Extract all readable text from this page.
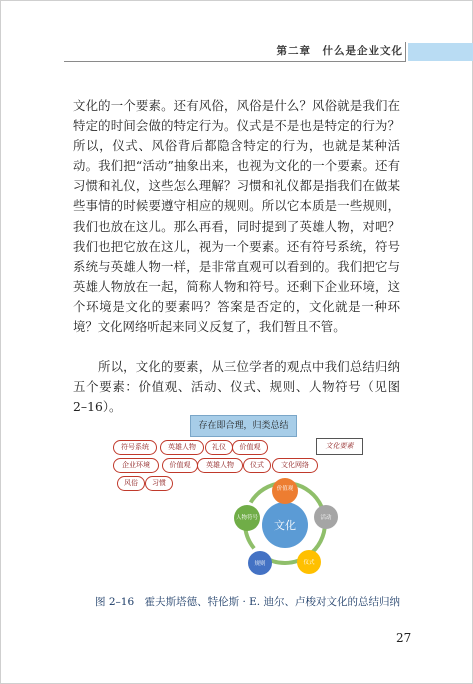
第二章　什么是企业文化

文化的一个要素。还有风俗，风俗是什么？风俗就是我们在特定的时间会做的特定行为。仪式是不是也是特定的行为？所以，仪式、风俗背后都隐含特定的行为，也就是某种活动。我们把“活动”抽象出来，也视为文化的一个要素。还有习惯和礼仪，这些怎么理解？习惯和礼仪都是指我们在做某些事情的时候要遵守相应的规则。所以它本质是一些规则，我们也放在这儿。那么再看，同时提到了英雄人物，对吧？我们也把它放在这儿，视为一个要素。还有符号系统，符号系统与英雄人物一样，是非常直观可以看到的。我们把它与英雄人物放在一起，简称人物和符号。还剩下企业环境，这个环境是文化的要素吗？答案是否定的，文化就是一种环境？文化网络听起来同义反复了，我们暂且不管。

所以，文化的要素，从三位学者的观点中我们总结归纳五个要素：价值观、活动、仪式、规则、人物符号（见图 2–16）。

存在即合理，归类总结
符号系统	英雄人物	礼仪	价值观
企业环境	价值观	英雄人物	仪式	文化网络
风俗	习惯
文化要素
文化
价值观
活动
仪式
规则
人物符号
图 2–16　霍夫斯塔德、特伦斯 · E. 迪尔、卢梭对文化的总结归纳
27
